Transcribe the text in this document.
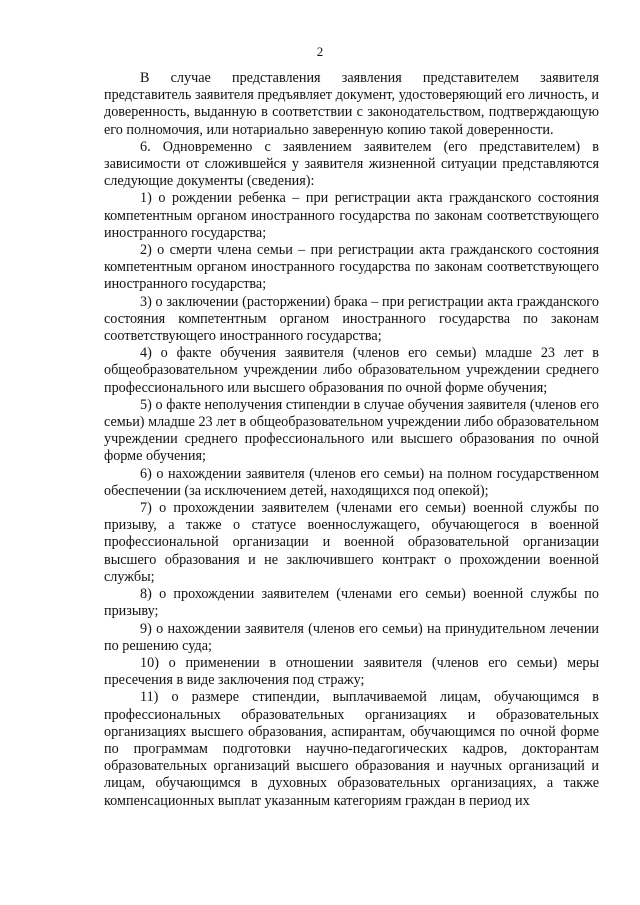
2

В случае представления заявления представителем заявителя представитель заявителя предъявляет документ, удостоверяющий его личность, и доверенность, выданную в соответствии с законодательством, подтверждающую его полномочия, или нотариально заверенную копию такой доверенности.

6. Одновременно с заявлением заявителем (его представителем) в зависимости от сложившейся у заявителя жизненной ситуации представляются следующие документы (сведения):

1) о рождении ребенка – при регистрации акта гражданского состояния компетентным органом иностранного государства по законам соответствующего иностранного государства;

2) о смерти члена семьи – при регистрации акта гражданского состояния компетентным органом иностранного государства по законам соответствующего иностранного государства;

3) о заключении (расторжении) брака – при регистрации акта гражданского состояния компетентным органом иностранного государства по законам соответствующего иностранного государства;

4) о факте обучения заявителя (членов его семьи) младше 23 лет в общеобразовательном учреждении либо образовательном учреждении среднего профессионального или высшего образования по очной форме обучения;

5) о факте неполучения стипендии в случае обучения заявителя (членов его семьи) младше 23 лет в общеобразовательном учреждении либо образовательном учреждении среднего профессионального или высшего образования по очной форме обучения;

6) о нахождении заявителя (членов его семьи) на полном государственном обеспечении (за исключением детей, находящихся под опекой);

7) о прохождении заявителем (членами его семьи) военной службы по призыву, а также о статусе военнослужащего, обучающегося в военной профессиональной организации и военной образовательной организации высшего образования и не заключившего контракт о прохождении военной службы;

8) о прохождении заявителем (членами его семьи) военной службы по призыву;

9) о нахождении заявителя (членов его семьи) на принудительном лечении по решению суда;

10) о применении в отношении заявителя (членов его семьи) меры пресечения в виде заключения под стражу;

11) о размере стипендии, выплачиваемой лицам, обучающимся в профессиональных образовательных организациях и образовательных организациях высшего образования, аспирантам, обучающимся по очной форме по программам подготовки научно-педагогических кадров, докторантам образовательных организаций высшего образования и научных организаций и лицам, обучающимся в духовных образовательных организациях, а также компенсационных выплат указанным категориям граждан в период их
